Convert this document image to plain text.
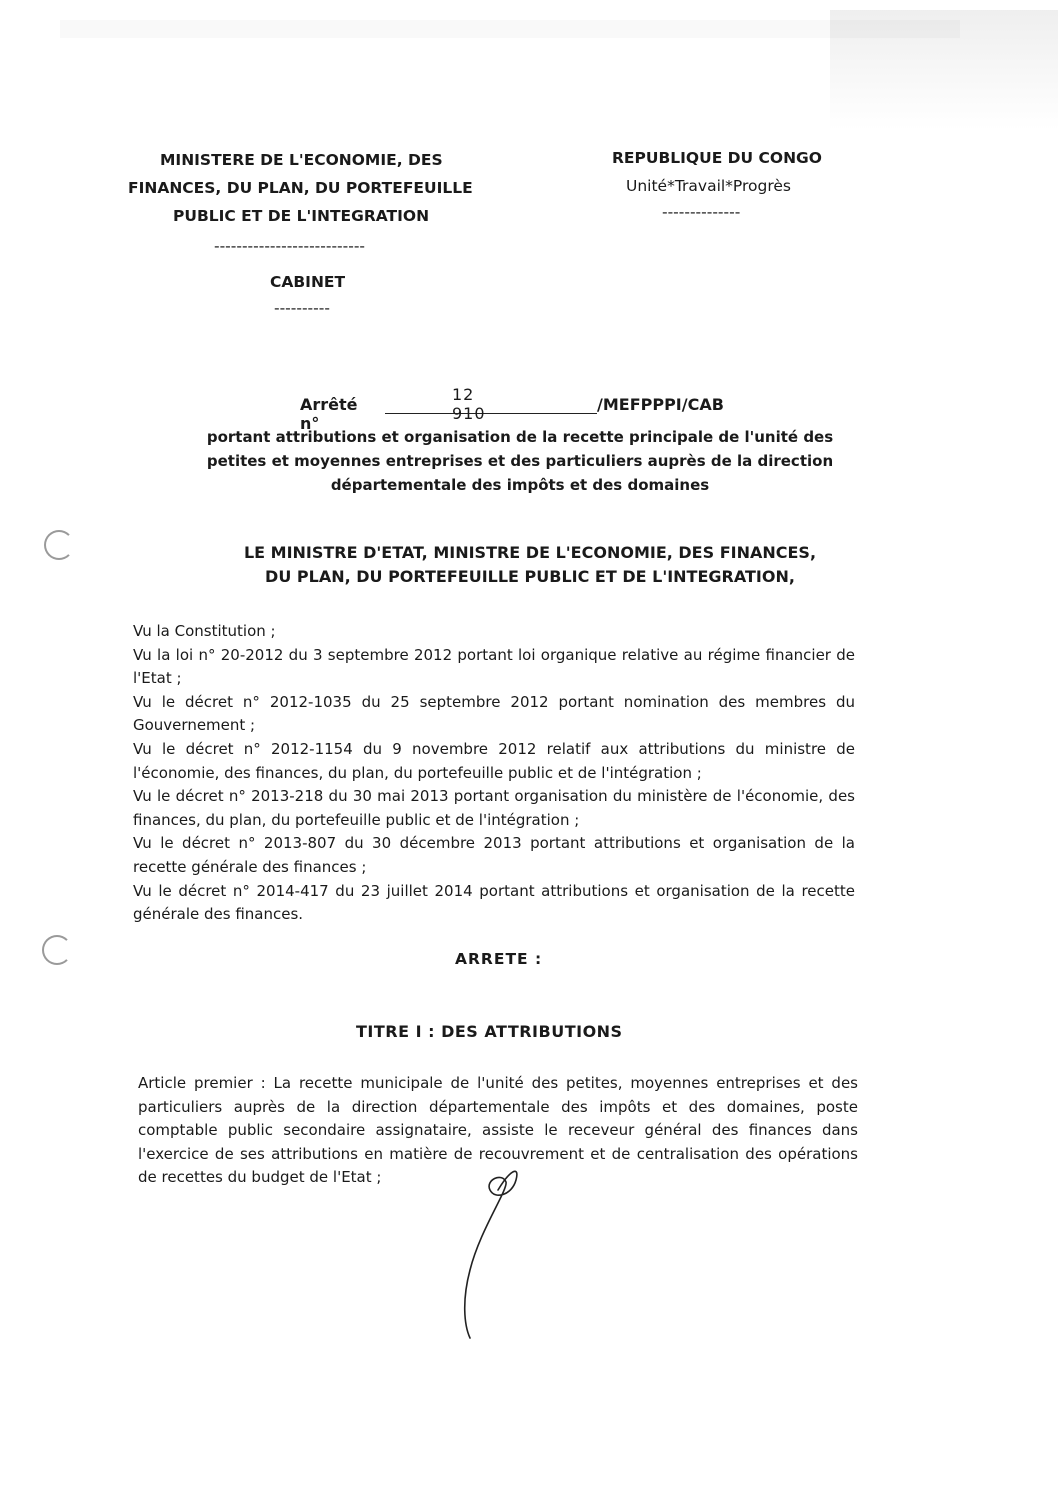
MINISTERE DE L'ECONOMIE, DES
FINANCES, DU PLAN, DU PORTEFEUILLE
PUBLIC ET DE L'INTEGRATION
---------------------------
CABINET
----------
REPUBLIQUE DU CONGO
Unité*Travail*Progrès
--------------
Arrêté n°
12 910	/MEFPPPI/CAB
portant attributions et organisation de la recette principale de l'unité des petites et moyennes entreprises et des particuliers auprès de la direction départementale des impôts et des domaines
LE MINISTRE D'ETAT, MINISTRE DE L'ECONOMIE, DES FINANCES,
DU PLAN, DU PORTEFEUILLE PUBLIC ET DE L'INTEGRATION,
Vu la Constitution ;
Vu la loi n° 20-2012 du 3 septembre 2012 portant loi organique relative au régime financier de l'Etat ;
Vu le décret n° 2012-1035 du 25 septembre 2012 portant nomination des membres du Gouvernement ;
Vu le décret n° 2012-1154 du 9 novembre 2012 relatif aux attributions du ministre de l'économie, des finances, du plan, du portefeuille public et de l'intégration ;
Vu le décret n° 2013-218 du 30 mai 2013 portant organisation du ministère de l'économie, des finances, du plan, du portefeuille public et de l'intégration ;
Vu le décret n° 2013-807 du 30 décembre 2013 portant attributions et organisation de la recette générale des finances ;
Vu le décret n° 2014-417 du 23 juillet 2014 portant attributions et organisation de la recette générale des finances.
ARRETE :
TITRE I : DES ATTRIBUTIONS
Article premier : La recette municipale de l'unité des petites, moyennes entreprises et des particuliers auprès de la direction départementale des impôts et des domaines, poste comptable public secondaire assignataire, assiste le receveur général des finances dans l'exercice de ses attributions en matière de recouvrement et de centralisation des opérations de recettes du budget de l'Etat ;
